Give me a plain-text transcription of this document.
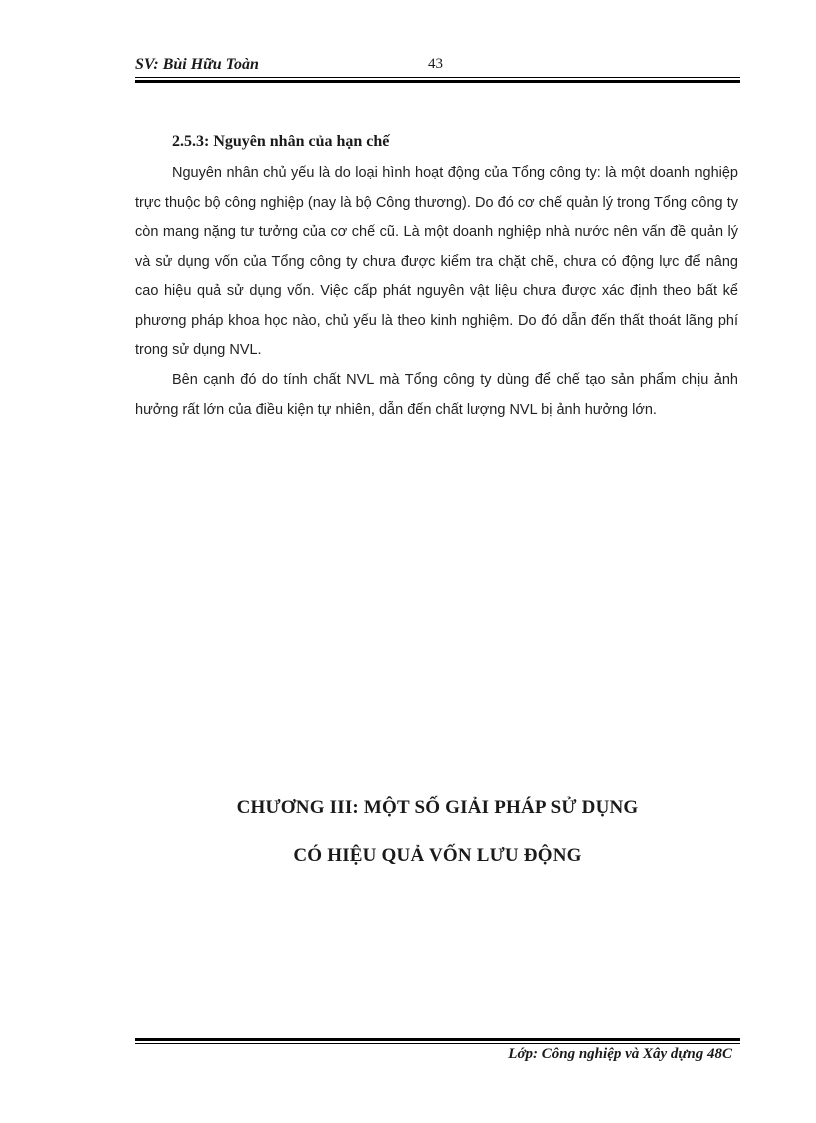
SV: Bùi Hữu Toàn	43
2.5.3: Nguyên nhân của hạn chế

Nguyên nhân chủ yếu là do loại hình hoạt động của Tổng công ty: là một doanh nghiệp trực thuộc bộ công nghiệp (nay là bộ Công thương). Do đó cơ chế quản lý trong Tổng công ty còn mang nặng tư tưởng của cơ chế cũ. Là một doanh nghiệp nhà nước nên vấn đề quản lý và sử dụng vốn của Tổng công ty chưa được kiểm tra chặt chẽ, chưa có động lực để nâng cao hiệu quả sử dụng vốn. Việc cấp phát nguyên vật liệu chưa được xác định theo bất kể phương pháp khoa học nào, chủ yếu là theo kinh nghiệm. Do đó dẫn đến thất thoát lãng phí trong sử dụng NVL.

Bên cạnh đó do tính chất NVL mà Tổng công ty dùng để chế tạo sản phẩm chịu ảnh hưởng rất lớn của điều kiện tự nhiên, dẫn đến chất lượng NVL bị ảnh hưởng lớn.

CHƯƠNG III: MỘT SỐ GIẢI PHÁP SỬ DỤNG
CÓ HIỆU QUẢ VỐN LƯU ĐỘNG
Lớp: Công nghiệp và Xây dựng 48C
